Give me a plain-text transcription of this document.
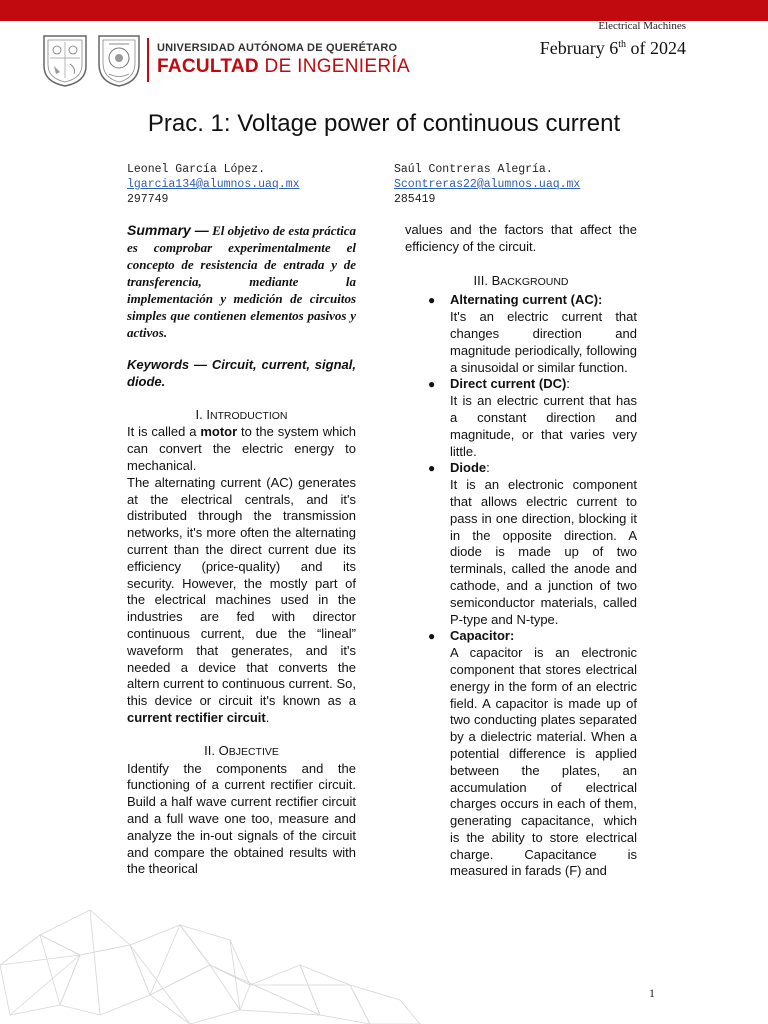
Electrical Machines
February 6th of 2024
UNIVERSIDAD AUTÓNOMA DE QUERÉTARO
FACULTAD DE INGENIERÍA
Prac. 1: Voltage power of continuous current
Leonel García López.
lgarcia134@alumnos.uaq.mx
297749
Saúl Contreras Alegría.
Scontreras22@alumnos.uaq.mx
285419

Summary — El objetivo de esta práctica es comprobar experimentalmente el concepto de resistencia de entrada y de transferencia, mediante la implementación y medición de circuitos simples que contienen elementos pasivos y activos.

Keywords — Circuit, current, signal, diode.

I. INTRODUCTION

It is called a motor to the system which can convert the electric energy to mechanical.

The alternating current (AC) generates at the electrical centrals, and it's distributed through the transmission networks, it's more often the alternating current than the direct current due its efficiency (price-quality) and its security. However, the mostly part of the electrical machines used in the industries are fed with director continuous current, due the “lineal” waveform that generates, and it's needed a device that converts the altern current to continuous current. So, this device or circuit it's known as a current rectifier circuit.

II. OBJECTIVE

Identify the components and the functioning of a current rectifier circuit. Build a half wave current rectifier circuit and a full wave one too, measure and analyze the in-out signals of the circuit and compare the obtained results with the theorical

values and the factors that affect the efficiency of the circuit.

III. BACKGROUND
● Alternating current (AC):
It's an electric current that changes direction and magnitude periodically, following a sinusoidal or similar function.
● Direct current (DC):
It is an electric current that has a constant direction and magnitude, or that varies very little.
● Diode:
It is an electronic component that allows electric current to pass in one direction, blocking it in the opposite direction. A diode is made up of two terminals, called the anode and cathode, and a junction of two semiconductor materials, called P-type and N-type.
● Capacitor:
A capacitor is an electronic component that stores electrical energy in the form of an electric field. A capacitor is made up of two conducting plates separated by a dielectric material. When a potential difference is applied between the plates, an accumulation of electrical charges occurs in each of them, generating capacitance, which is the ability to store electrical charge. Capacitance is measured in farads (F) and
1
